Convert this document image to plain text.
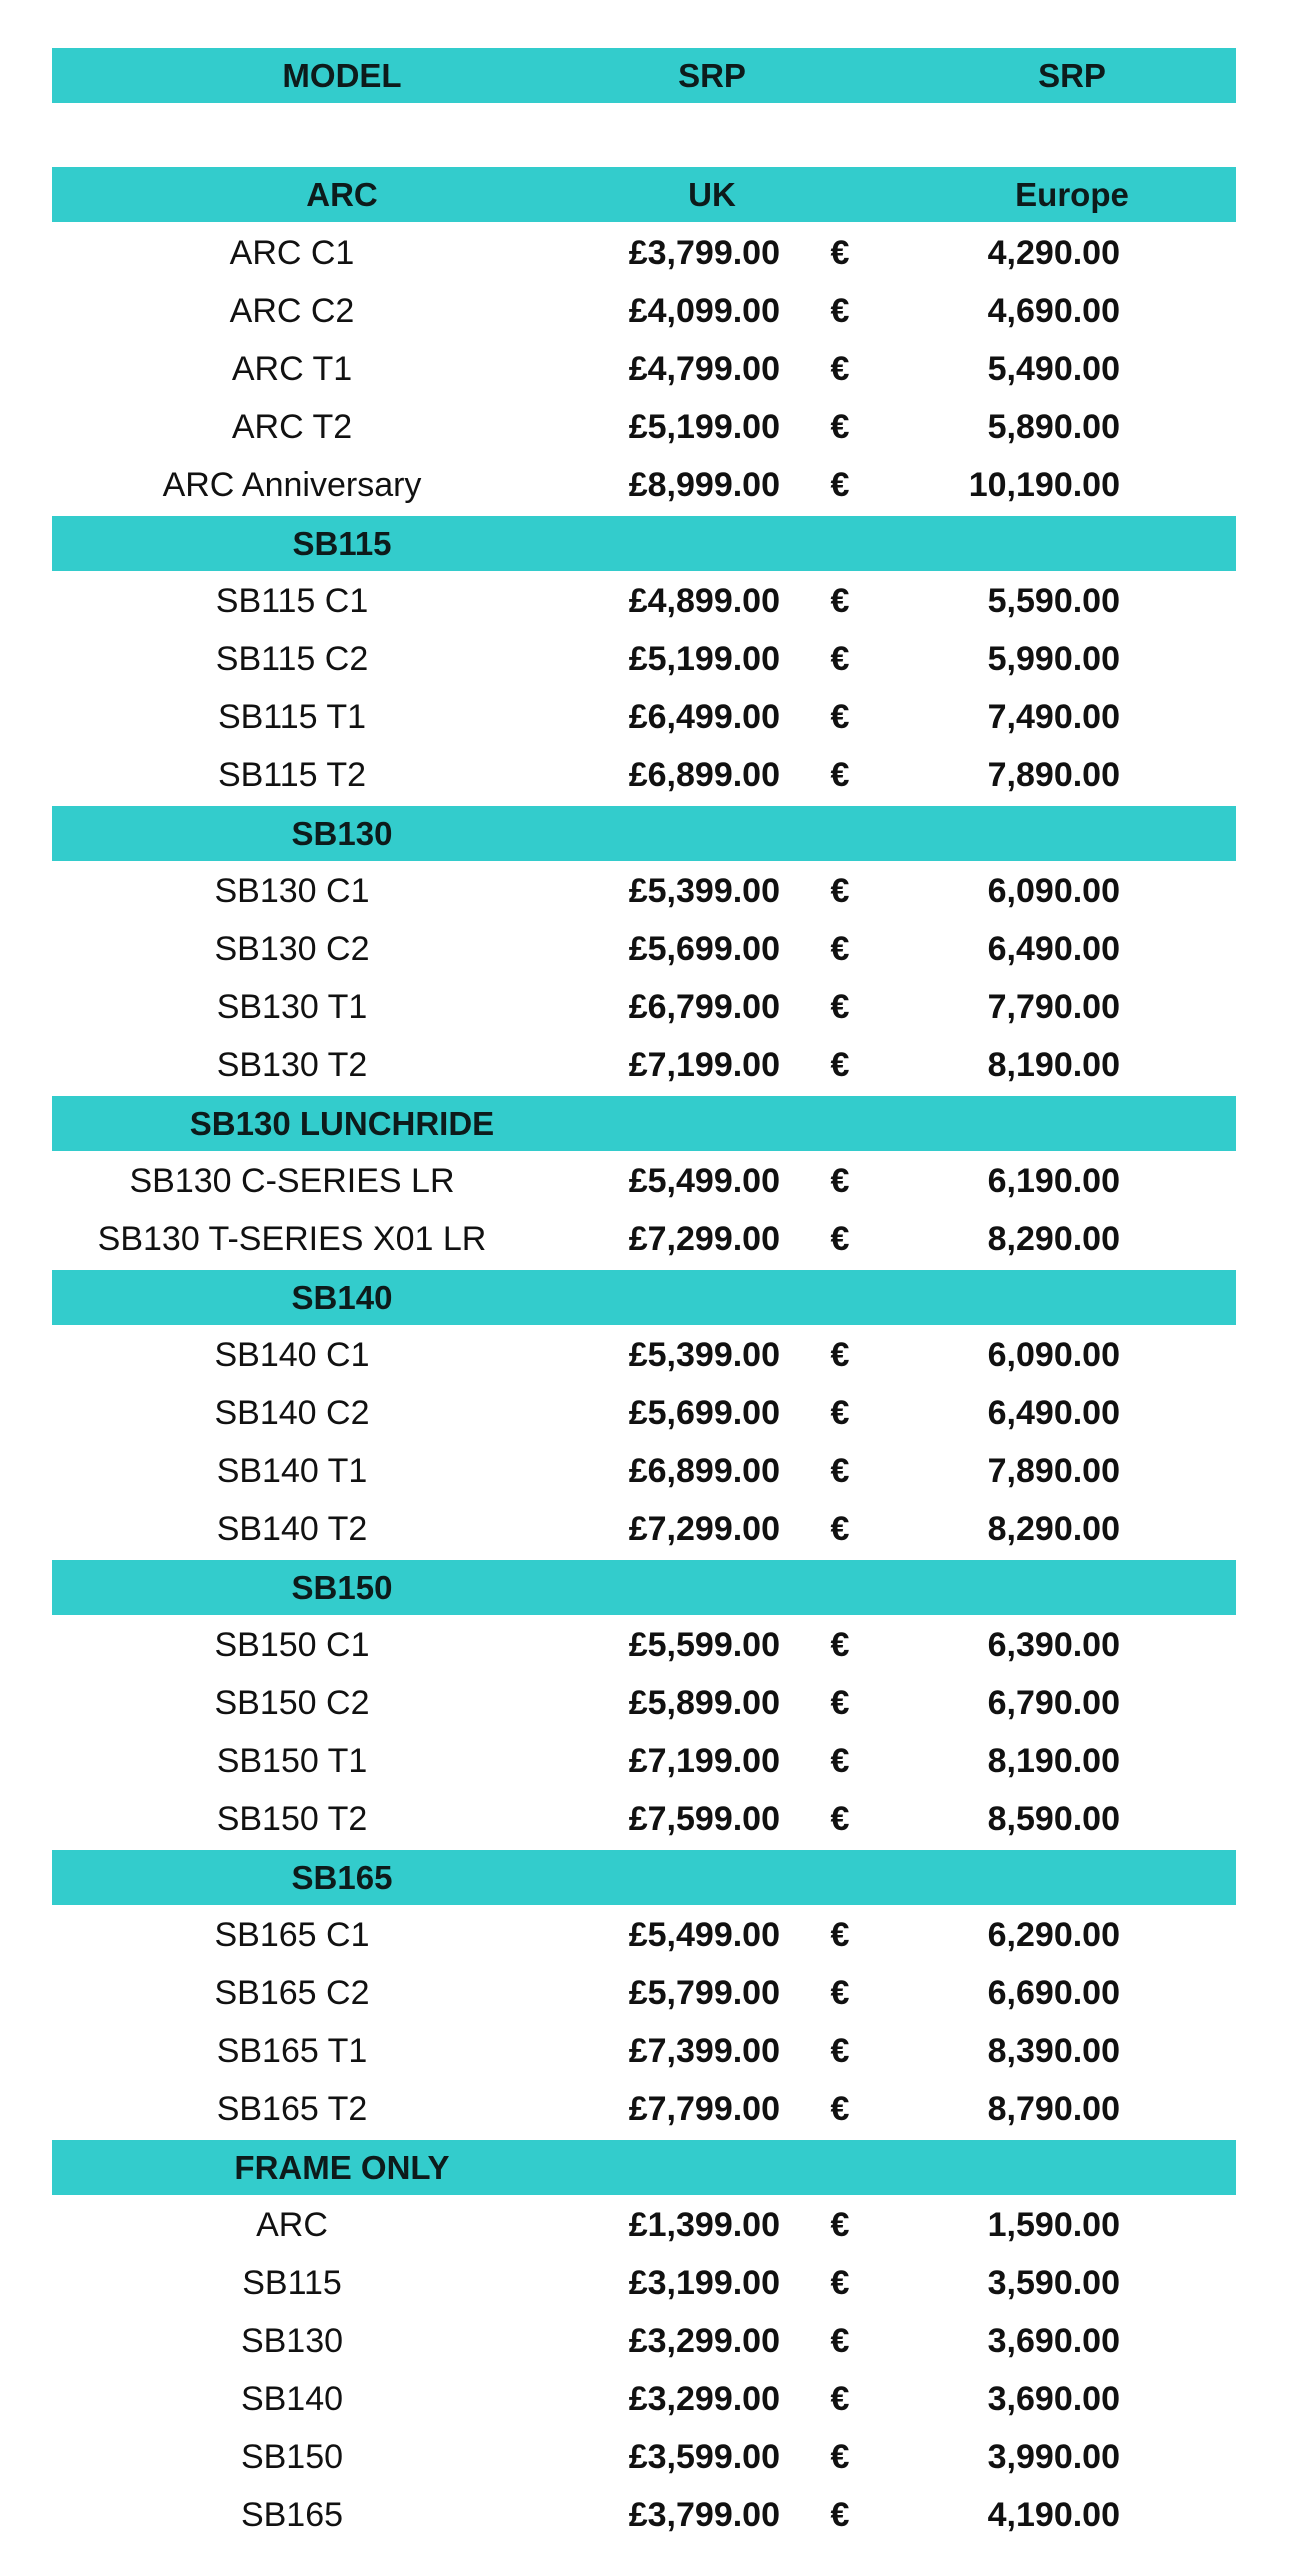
MODEL	SRP	SRP
ARC	UK	Europe
ARC C1	£3,799.00	€	4,290.00
ARC C2	£4,099.00	€	4,690.00
ARC T1	£4,799.00	€	5,490.00
ARC T2	£5,199.00	€	5,890.00
ARC Anniversary	£8,999.00	€	10,190.00
SB115
SB115 C1	£4,899.00	€	5,590.00
SB115 C2	£5,199.00	€	5,990.00
SB115 T1	£6,499.00	€	7,490.00
SB115 T2	£6,899.00	€	7,890.00
SB130
SB130 C1	£5,399.00	€	6,090.00
SB130 C2	£5,699.00	€	6,490.00
SB130 T1	£6,799.00	€	7,790.00
SB130 T2	£7,199.00	€	8,190.00
SB130 LUNCHRIDE
SB130 C-SERIES LR	£5,499.00	€	6,190.00
SB130 T-SERIES X01 LR	£7,299.00	€	8,290.00
SB140
SB140 C1	£5,399.00	€	6,090.00
SB140 C2	£5,699.00	€	6,490.00
SB140 T1	£6,899.00	€	7,890.00
SB140 T2	£7,299.00	€	8,290.00
SB150
SB150 C1	£5,599.00	€	6,390.00
SB150 C2	£5,899.00	€	6,790.00
SB150 T1	£7,199.00	€	8,190.00
SB150 T2	£7,599.00	€	8,590.00
SB165
SB165 C1	£5,499.00	€	6,290.00
SB165 C2	£5,799.00	€	6,690.00
SB165 T1	£7,399.00	€	8,390.00
SB165 T2	£7,799.00	€	8,790.00
FRAME ONLY
ARC	£1,399.00	€	1,590.00
SB115	£3,199.00	€	3,590.00
SB130	£3,299.00	€	3,690.00
SB140	£3,299.00	€	3,690.00
SB150	£3,599.00	€	3,990.00
SB165	£3,799.00	€	4,190.00
